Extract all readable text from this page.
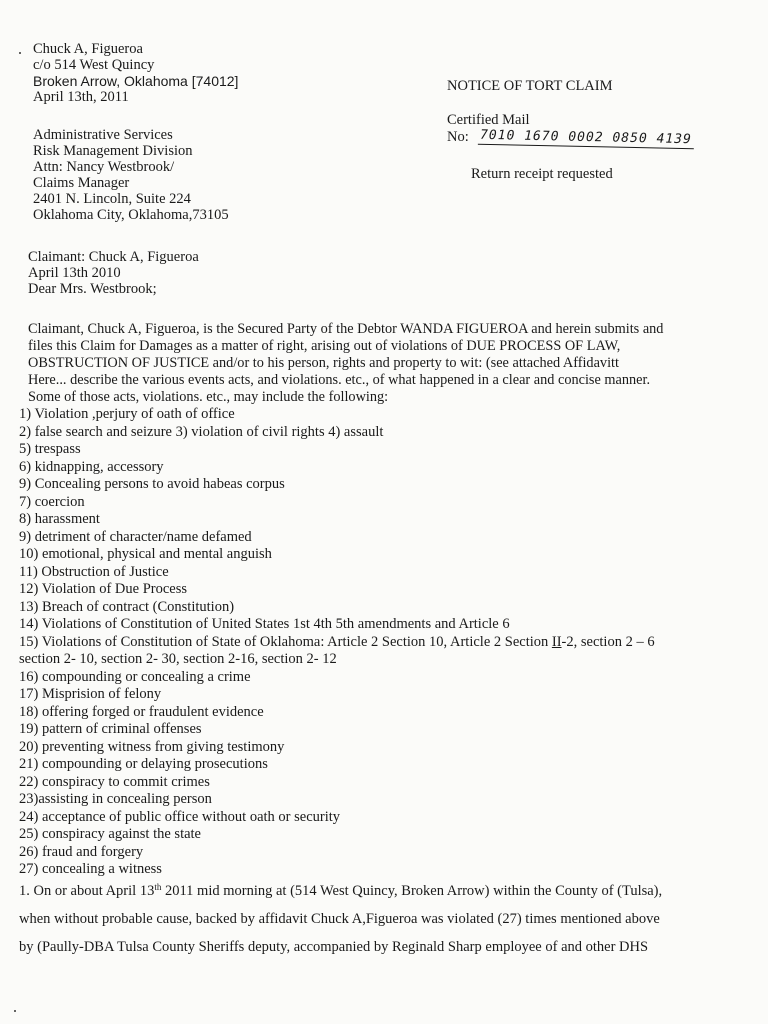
Chuck A, Figueroa
c/o 514 West Quincy
Broken Arrow, Oklahoma [74012]
April 13th, 2011
NOTICE OF TORT CLAIM
Certified Mail
No: 7010 1670 0002 0850 4139
Return receipt requested
Administrative Services
Risk Management Division
Attn: Nancy Westbrook/
Claims Manager
2401 N. Lincoln, Suite 224
Oklahoma City, Oklahoma,73105
Claimant: Chuck A, Figueroa
April 13th 2010
Dear Mrs. Westbrook;
Claimant, Chuck A, Figueroa, is the Secured Party of the Debtor WANDA FIGUEROA and herein submits and
files this Claim for Damages as a matter of right, arising out of violations of DUE PROCESS OF LAW,
OBSTRUCTION OF JUSTICE and/or to his person, rights and property to wit: (see attached Affidavitt
Here... describe the various events acts, and violations. etc., of what happened in a clear and concise manner.
Some of those acts, violations. etc., may include the following:
1) Violation ,perjury of oath of office
2) false search and seizure 3) violation of civil rights 4) assault
5) trespass
6) kidnapping, accessory
9) Concealing persons to avoid habeas corpus
7) coercion
8) harassment
9) detriment of character/name defamed
10) emotional, physical and mental anguish
11) Obstruction of Justice
12) Violation of Due Process
13) Breach of contract (Constitution)
14) Violations of Constitution of United States 1st 4th 5th amendments and Article 6
15) Violations of Constitution of State of Oklahoma: Article 2 Section 10, Article 2 Section II-2, section 2 – 6
section 2- 10, section 2- 30, section 2-16, section 2- 12
16) compounding or concealing a crime
17) Misprision of felony
18) offering forged or fraudulent evidence
19) pattern of criminal offenses
20) preventing witness from giving testimony
21) compounding or delaying prosecutions
22) conspiracy to commit crimes
23)assisting in concealing person
24) acceptance of public office without oath or security
25) conspiracy against the state
26) fraud and forgery
27) concealing a witness
1. On or about April 13th 2011 mid morning at (514 West Quincy, Broken Arrow) within the County of (Tulsa),
when without probable cause, backed by affidavit Chuck A,Figueroa was violated (27) times mentioned above
by (Paully-DBA Tulsa County Sheriffs deputy, accompanied by Reginald Sharp employee of and other DHS
